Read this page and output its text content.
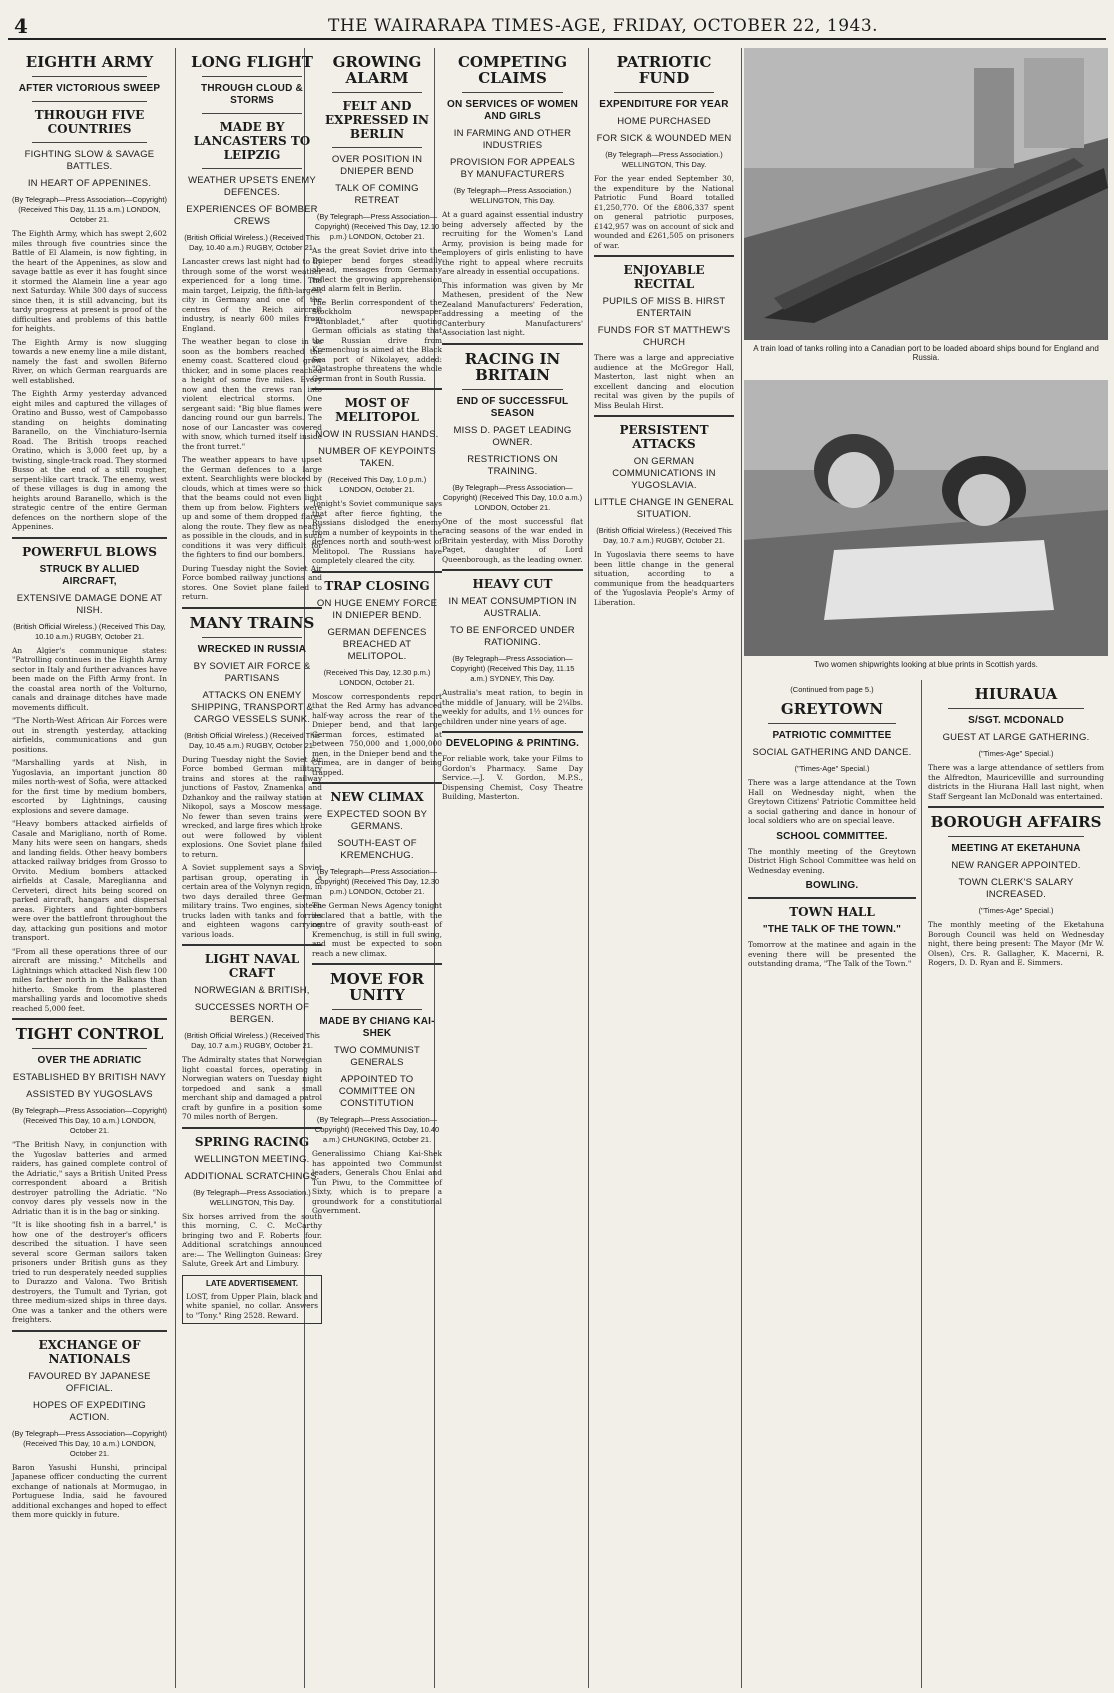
4	THE WAIRARAPA TIMES-AGE, FRIDAY, OCTOBER 22, 1943.
EIGHTH ARMY
AFTER VICTORIOUS SWEEP
THROUGH FIVE COUNTRIES
FIGHTING SLOW & SAVAGE BATTLES.
IN HEART OF APPENINES.
(By Telegraph—Press Association—Copyright) (Received This Day, 11.15 a.m.) LONDON, October 21.
The Eighth Army, which has swept 2,602 miles through five countries since the Battle of El Alamein, is now fighting, in the heart of the Appenines, as slow and savage battle as ever it has fought since it stormed the Alamein line a year ago next Saturday. While 300 days of success since then, it is still advancing, but its tardy progress at present is proof of the difficulties and problems of this battle for heights.
The Eighth Army is now slugging towards a new enemy line a mile distant, namely the fast and swollen Biferno River, on which German rearguards are well established.
The Eighth Army yesterday advanced eight miles and captured the villages of Oratino and Busso, west of Campobasso standing on heights dominating Baranello, on the Vinchiaturo-Isernia Road. The British troops reached Oratino, which is 3,000 feet up, by a twisting, single-track road. They stormed Busso at the end of a still rougher, serpent-like cart track. The enemy, west of these villages is dug in among the heights around Baranello, which is the strategic centre of the entire German defences on the northern slope of the Appenines.
POWERFUL BLOWS
STRUCK BY ALLIED AIRCRAFT,
EXTENSIVE DAMAGE DONE AT NISH.
(British Official Wireless.) (Received This Day, 10.10 a.m.) RUGBY, October 21.
An Algier's communique states: "Patrolling continues in the Eighth Army sector in Italy and further advances have been made on the Fifth Army front. In the coastal area north of the Volturno, canals and drainage ditches have made movements difficult.
"The North-West African Air Forces were out in strength yesterday, attacking airfields, communications and gun positions.
"Marshalling yards at Nish, in Yugoslavia, an important junction 80 miles north-west of Sofia, were attacked for the first time by medium bombers, escorted by Lightnings, causing explosions and severe damage.
"Heavy bombers attacked airfields of Casale and Marigliano, north of Rome. Many hits were seen on hangars, sheds and landing fields. Other heavy bombers attacked railway bridges from Grosso to Orvito. Medium bombers attacked airfields at Casale, Mareglianna and Cerveteri, direct hits being scored on parked aircraft, hangars and dispersal areas. Fighters and fighter-bombers were over the battlefront throughout the day, attacking gun positions and motor transport.
"From all these operations three of our aircraft are missing." Mitchells and Lightnings which attacked Nish flew 100 miles farther north in the Balkans than hitherto. Smoke from the plastered marshalling yards and locomotive sheds reached 5,000 feet.
TIGHT CONTROL
OVER THE ADRIATIC
ESTABLISHED BY BRITISH NAVY
ASSISTED BY YUGOSLAVS
(By Telegraph—Press Association—Copyright) (Received This Day, 10 a.m.) LONDON, October 21.
"The British Navy, in conjunction with the Yugoslav batteries and armed raiders, has gained complete control of the Adriatic," says a British United Press correspondent aboard a British destroyer patrolling the Adriatic. "No convoy dares ply vessels now in the Adriatic than it is in the bag or sinking.
"It is like shooting fish in a barrel," is how one of the destroyer's officers described the situation. I have seen several score German sailors taken prisoners under British guns as they tried to run desperately needed supplies to Durazzo and Valona. Two British destroyers, the Tumult and Tyrian, got three medium-sized ships in three days. One was a tanker and the others were freighters.
EXCHANGE OF NATIONALS
FAVOURED BY JAPANESE OFFICIAL.
HOPES OF EXPEDITING ACTION.
(By Telegraph—Press Association—Copyright) (Received This Day, 10 a.m.) LONDON, October 21.
Baron Yasushi Hunshi, principal Japanese officer conducting the current exchange of nationals at Mormugao, in Portuguese India, said he favoured additional exchanges and hoped to effect them more quickly in future.
LONG FLIGHT
THROUGH CLOUD & STORMS
MADE BY LANCASTERS TO LEIPZIG
WEATHER UPSETS ENEMY DEFENCES.
EXPERIENCES OF BOMBER CREWS
(British Official Wireless.) (Received This Day, 10.40 a.m.) RUGBY, October 21.
Lancaster crews last night had to fly through some of the worst weather experienced for a long time. The main target, Leipzig, the fifth-largest city in Germany and one of the centres of the Reich aircraft industry, is nearly 600 miles from England.
The weather began to close in as soon as the bombers reached the enemy coast. Scattered cloud grew thicker, and in some places reached a height of some five miles. Every now and then the crews ran into violent electrical storms. One sergeant said: "Big blue flames were dancing round our gun barrels. The nose of our Lancaster was covered with snow, which turned itself inside the front turret."
The weather appears to have upset the German defences to a large extent. Searchlights were blocked by clouds, which at times were so thick that the beams could not even light them up from below. Fighters were up and some of them dropped flares along the route. They flew as nearly as possible in the clouds, and in such conditions it was very difficult for the fighters to find our bombers.
During Tuesday night the Soviet Air Force bombed railway junctions and stores. One Soviet plane failed to return.
MANY TRAINS
WRECKED IN RUSSIA
BY SOVIET AIR FORCE & PARTISANS
ATTACKS ON ENEMY SHIPPING, TRANSPORT & CARGO VESSELS SUNK.
(British Official Wireless.) (Received This Day, 10.45 a.m.) RUGBY, October 21.
During Tuesday night the Soviet Air Force bombed German military trains and stores at the railway junctions of Fastov, Znamenka and Dzhankoy and the railway station at Nikopol, says a Moscow message. No fewer than seven trains were wrecked, and large fires which broke out were followed by violent explosions. One Soviet plane failed to return.
A Soviet supplement says a Soviet partisan group, operating in a certain area of the Volynyn region, in two days derailed three German military trains. Two engines, sixteen trucks laden with tanks and forries and eighteen wagons carrying various loads.
LIGHT NAVAL CRAFT
NORWEGIAN & BRITISH,
SUCCESSES NORTH OF BERGEN.
(British Official Wireless.) (Received This Day, 10.7 a.m.) RUGBY, October 21.
The Admiralty states that Norwegian light coastal forces, operating in Norwegian waters on Tuesday night torpedoed and sank a small merchant ship and damaged a patrol craft by gunfire in a position some 70 miles north of Bergen.
SPRING RACING
WELLINGTON MEETING.
ADDITIONAL SCRATCHINGS.
(By Telegraph—Press Association.) WELLINGTON, This Day.
Six horses arrived from the south this morning, C. C. McCarthy bringing two and F. Roberts four. Additional scratchings announced are:— The Wellington Guineas: Grey Salute, Greek Art and Limbury.
LATE ADVERTISEMENT.
LOST, from Upper Plain, black and white spaniel, no collar. Answers to "Tony." Ring 2528. Reward.
GROWING ALARM
FELT AND EXPRESSED IN BERLIN
OVER POSITION IN DNIEPER BEND
TALK OF COMING RETREAT
(By Telegraph—Press Association—Copyright) (Received This Day, 12.10 p.m.) LONDON, October 21.
As the great Soviet drive into the Dnieper bend forges steadily ahead, messages from Germany reflect the growing apprehension and alarm felt in Berlin.
The Berlin correspondent of the Stockholm newspaper "Aftonbladet," after quoting German officials as stating that the Russian drive from Kremenchug is aimed at the Black Sea port of Nikolayev, added: "Catastrophe threatens the whole German front in South Russia.
MOST OF MELITOPOL
NOW IN RUSSIAN HANDS.
NUMBER OF KEYPOINTS TAKEN.
(Received This Day, 1.0 p.m.) LONDON, October 21.
Tonight's Soviet communique says that after fierce fighting, the Russians dislodged the enemy from a number of keypoints in the defences north and south-west of Melitopol. The Russians have completely cleared the city.
TRAP CLOSING
ON HUGE ENEMY FORCE IN DNIEPER BEND.
GERMAN DEFENCES BREACHED AT MELITOPOL.
(Received This Day, 12.30 p.m.) LONDON, October 21.
Moscow correspondents report that the Red Army has advanced half-way across the rear of the Dnieper bend, and that large German forces, estimated at between 750,000 and 1,000,000 men, in the Dnieper bend and the Crimea, are in danger of being trapped.
NEW CLIMAX
EXPECTED SOON BY GERMANS.
SOUTH-EAST OF KREMENCHUG.
(By Telegraph—Press Association—Copyright) (Received This Day, 12.30 p.m.) LONDON, October 21.
The German News Agency tonight declared that a battle, with the centre of gravity south-east of Kremenchug, is still in full swing, and must be expected to soon reach a new climax.
MOVE FOR UNITY
MADE BY CHIANG KAI-SHEK
TWO COMMUNIST GENERALS
APPOINTED TO COMMITTEE ON CONSTITUTION
(By Telegraph—Press Association—Copyright) (Received This Day, 10.40 a.m.) CHUNGKING, October 21.
Generalissimo Chiang Kai-Shek has appointed two Communist leaders, Generals Chou Enlai and Tun Piwu, to the Committee of Sixty, which is to prepare a groundwork for a constitutional Government.
COMPETING CLAIMS
ON SERVICES OF WOMEN AND GIRLS
IN FARMING AND OTHER INDUSTRIES
PROVISION FOR APPEALS BY MANUFACTURERS
(By Telegraph—Press Association.) WELLINGTON, This Day.
At a guard against essential industry being adversely affected by the recruiting for the Women's Land Army, provision is being made for employers of girls enlisting to have the right to appeal where recruits are already in essential occupations.
This information was given by Mr Mathesen, president of the New Zealand Manufacturers' Federation, addressing a meeting of the Canterbury Manufacturers' Association last night.
RACING IN BRITAIN
END OF SUCCESSFUL SEASON
MISS D. PAGET LEADING OWNER.
RESTRICTIONS ON TRAINING.
(By Telegraph—Press Association—Copyright) (Received This Day, 10.0 a.m.) LONDON, October 21.
One of the most successful flat racing seasons of the war ended in Britain yesterday, with Miss Dorothy Paget, daughter of Lord Queenborough, as the leading owner.
HEAVY CUT
IN MEAT CONSUMPTION IN AUSTRALIA.
TO BE ENFORCED UNDER RATIONING.
(By Telegraph—Press Association—Copyright) (Received This Day, 11.15 a.m.) SYDNEY, This Day.
Australia's meat ration, to begin in the middle of January, will be 2¼lbs. weekly for adults, and 1½ ounces for children under nine years of age.
DEVELOPING & PRINTING.
For reliable work, take your Films to Gordon's Pharmacy. Same Day Service.—J. V. Gordon, M.P.S., Dispensing Chemist, Cosy Theatre Building, Masterton.
PATRIOTIC FUND
EXPENDITURE FOR YEAR
HOME PURCHASED
FOR SICK & WOUNDED MEN
(By Telegraph—Press Association.) WELLINGTON, This Day.
For the year ended September 30, the expenditure by the National Patriotic Fund Board totalled £1,250,770. Of the £806,337 spent on general patriotic purposes, £142,957 was on account of sick and wounded and £261,505 on prisoners of war.
ENJOYABLE RECITAL
PUPILS OF MISS B. HIRST ENTERTAIN
FUNDS FOR ST MATTHEW'S CHURCH
There was a large and appreciative audience at the McGregor Hall, Masterton, last night when an excellent dancing and elocution recital was given by the pupils of Miss Beulah Hirst.
PERSISTENT ATTACKS
ON GERMAN COMMUNICATIONS IN YUGOSLAVIA.
LITTLE CHANGE IN GENERAL SITUATION.
(British Official Wireless.) (Received This Day, 10.7 a.m.) RUGBY, October 21.
In Yugoslavia there seems to have been little change in the general situation, according to a communique from the headquarters of the Yugoslavia People's Army of Liberation.
A train load of tanks rolling into a Canadian port to be loaded aboard ships bound for England and Russia.
Two women shipwrights looking at blue prints in Scottish yards.
(Continued from page 5.)
GREYTOWN
PATRIOTIC COMMITTEE
SOCIAL GATHERING AND DANCE.
("Times-Age" Special.)
There was a large attendance at the Town Hall on Wednesday night, when the Greytown Citizens' Patriotic Committee held a social gathering and dance in honour of local soldiers who are on special leave.
SCHOOL COMMITTEE.
The monthly meeting of the Greytown District High School Committee was held on Wednesday evening.
BOWLING.
TOWN HALL
"THE TALK OF THE TOWN."
Tomorrow at the matinee and again in the evening there will be presented the outstanding drama, "The Talk of the Town."
HIURAUA
S/SGT. MCDONALD
GUEST AT LARGE GATHERING.
("Times-Age" Special.)
There was a large attendance of settlers from the Alfredton, Mauricevillle and surrounding districts in the Hiurana Hall last night, when Staff Sergeant Ian McDonald was entertained.
BOROUGH AFFAIRS
MEETING AT EKETAHUNA
NEW RANGER APPOINTED.
TOWN CLERK'S SALARY INCREASED.
("Times-Age" Special.)
The monthly meeting of the Eketahuna Borough Council was held on Wednesday night, there being present: The Mayor (Mr W. Olsen), Crs. R. Gallagher, K. Macerni, R. Rogers, D. D. Ryan and E. Simmers.
